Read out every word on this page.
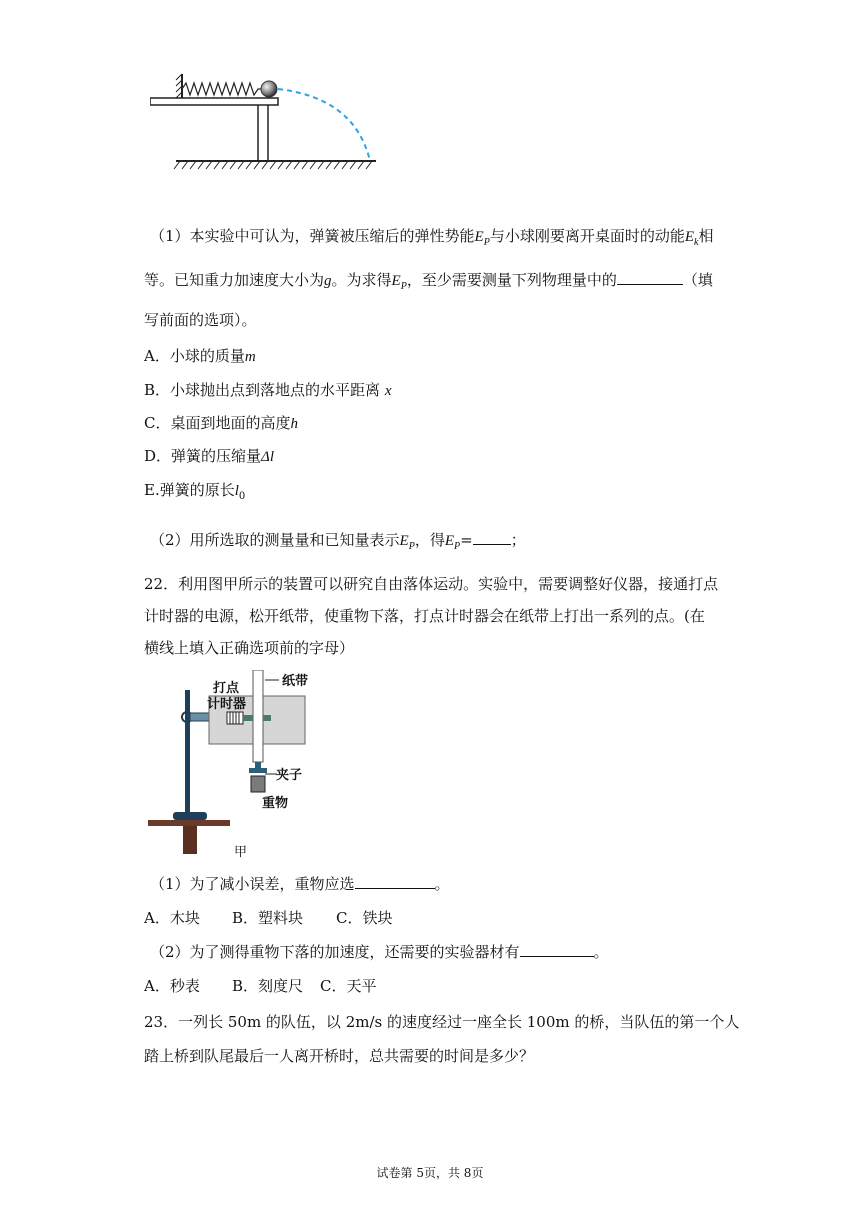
（1）本实验中可认为，弹簧被压缩后的弹性势能$E_P$与小球刚要离开桌面时的动能$E_k$相
等。已知重力加速度大小为g。为求得$E_P$，至少需要测量下列物理量中的	（填
写前面的选项）。
A．小球的质量m
B．小球抛出点到落地点的水平距离 x
C．桌面到地面的高度h
D．弹簧的压缩量Δl
E.弹簧的原长$l_0$
（2）用所选取的测量量和已知量表示$E_P$，得$E_P=$	；
22．利用图甲所示的装置可以研究自由落体运动。实验中，需要调整好仪器，接通打点
计时器的电源，松开纸带，使重物下落，打点计时器会在纸带上打出一系列的点。(在
横线上填入正确选项前的字母）
打点
计时器
纸带
夹子
重物
甲
（1）为了减小误差，重物应选	。
A．木块 B．塑料块 C．铁块
（2）为了测得重物下落的加速度，还需要的实验器材有	。
A．秒表 B．刻度尺 C．天平
23．一列长 50m 的队伍，以 2m/s 的速度经过一座全长 100m 的桥，当队伍的第一个人
踏上桥到队尾最后一人离开桥时，总共需要的时间是多少？
试卷第 5页，共 8页
